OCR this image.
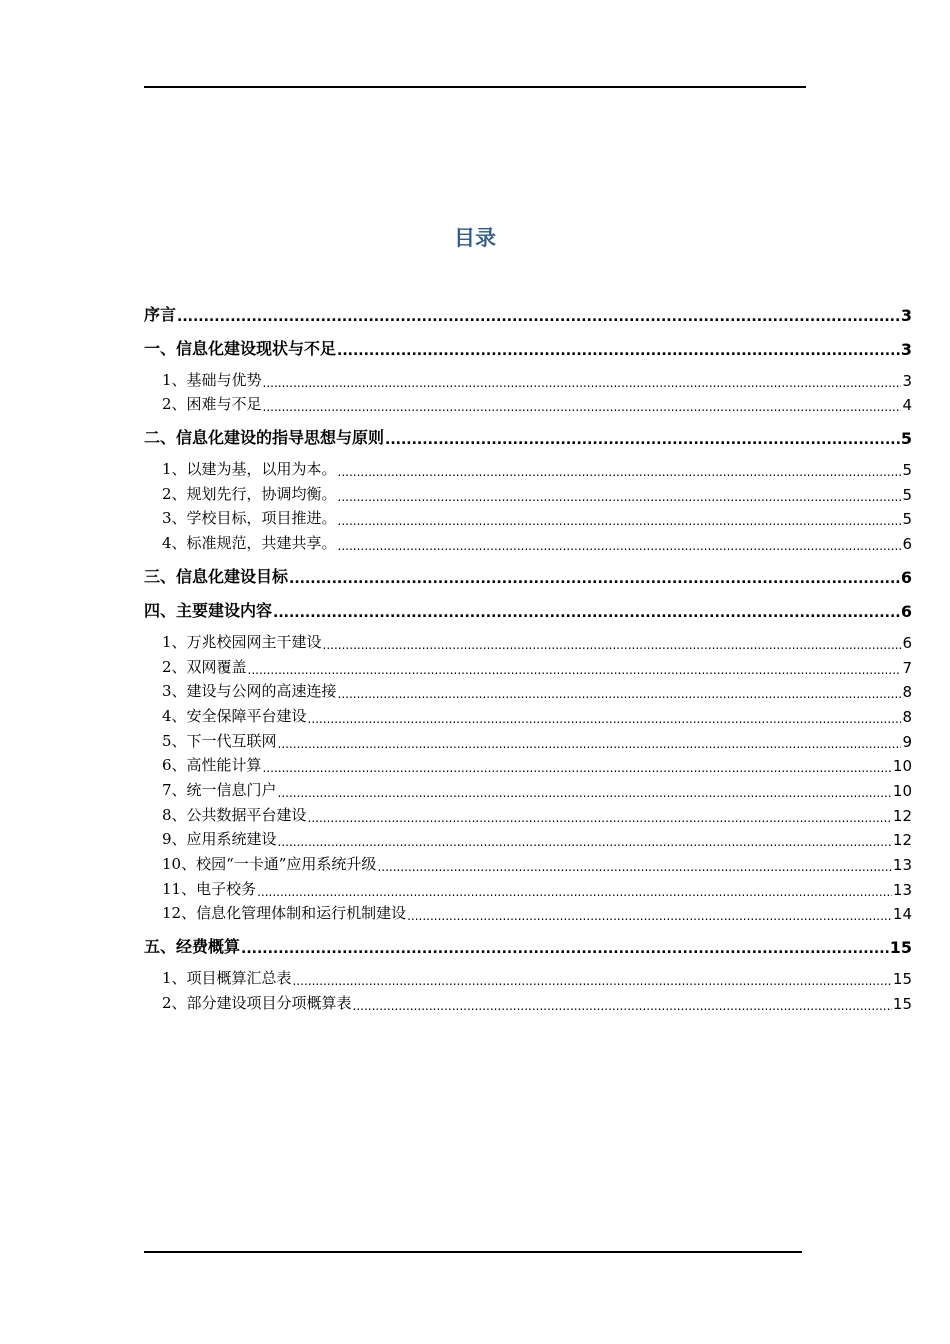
目录
序言 .....	3
一、信息化建设现状与不足 .....	3
1、基础与优势 .....	3
2、困难与不足 .....	4
二、信息化建设的指导思想与原则 .....	5
1、以建为基，以用为本。 .....	5
2、规划先行，协调均衡。 .....	5
3、学校目标，项目推进。 .....	5
4、标准规范，共建共享。 .....	6
三、信息化建设目标 .....	6
四、主要建设内容 .....	6
1、万兆校园网主干建设 .....	6
2、双网覆盖 .....	7
3、建设与公网的高速连接 .....	8
4、安全保障平台建设 .....	8
5、下一代互联网 .....	9
6、高性能计算 .....	10
7、统一信息门户 .....	10
8、公共数据平台建设 .....	12
9、应用系统建设 .....	12
10、校园“一卡通”应用系统升级 .....	13
11、电子校务 .....	13
12、信息化管理体制和运行机制建设 .....	14
五、经费概算 .....	15
1、项目概算汇总表 .....	15
2、部分建设项目分项概算表 .....	15
